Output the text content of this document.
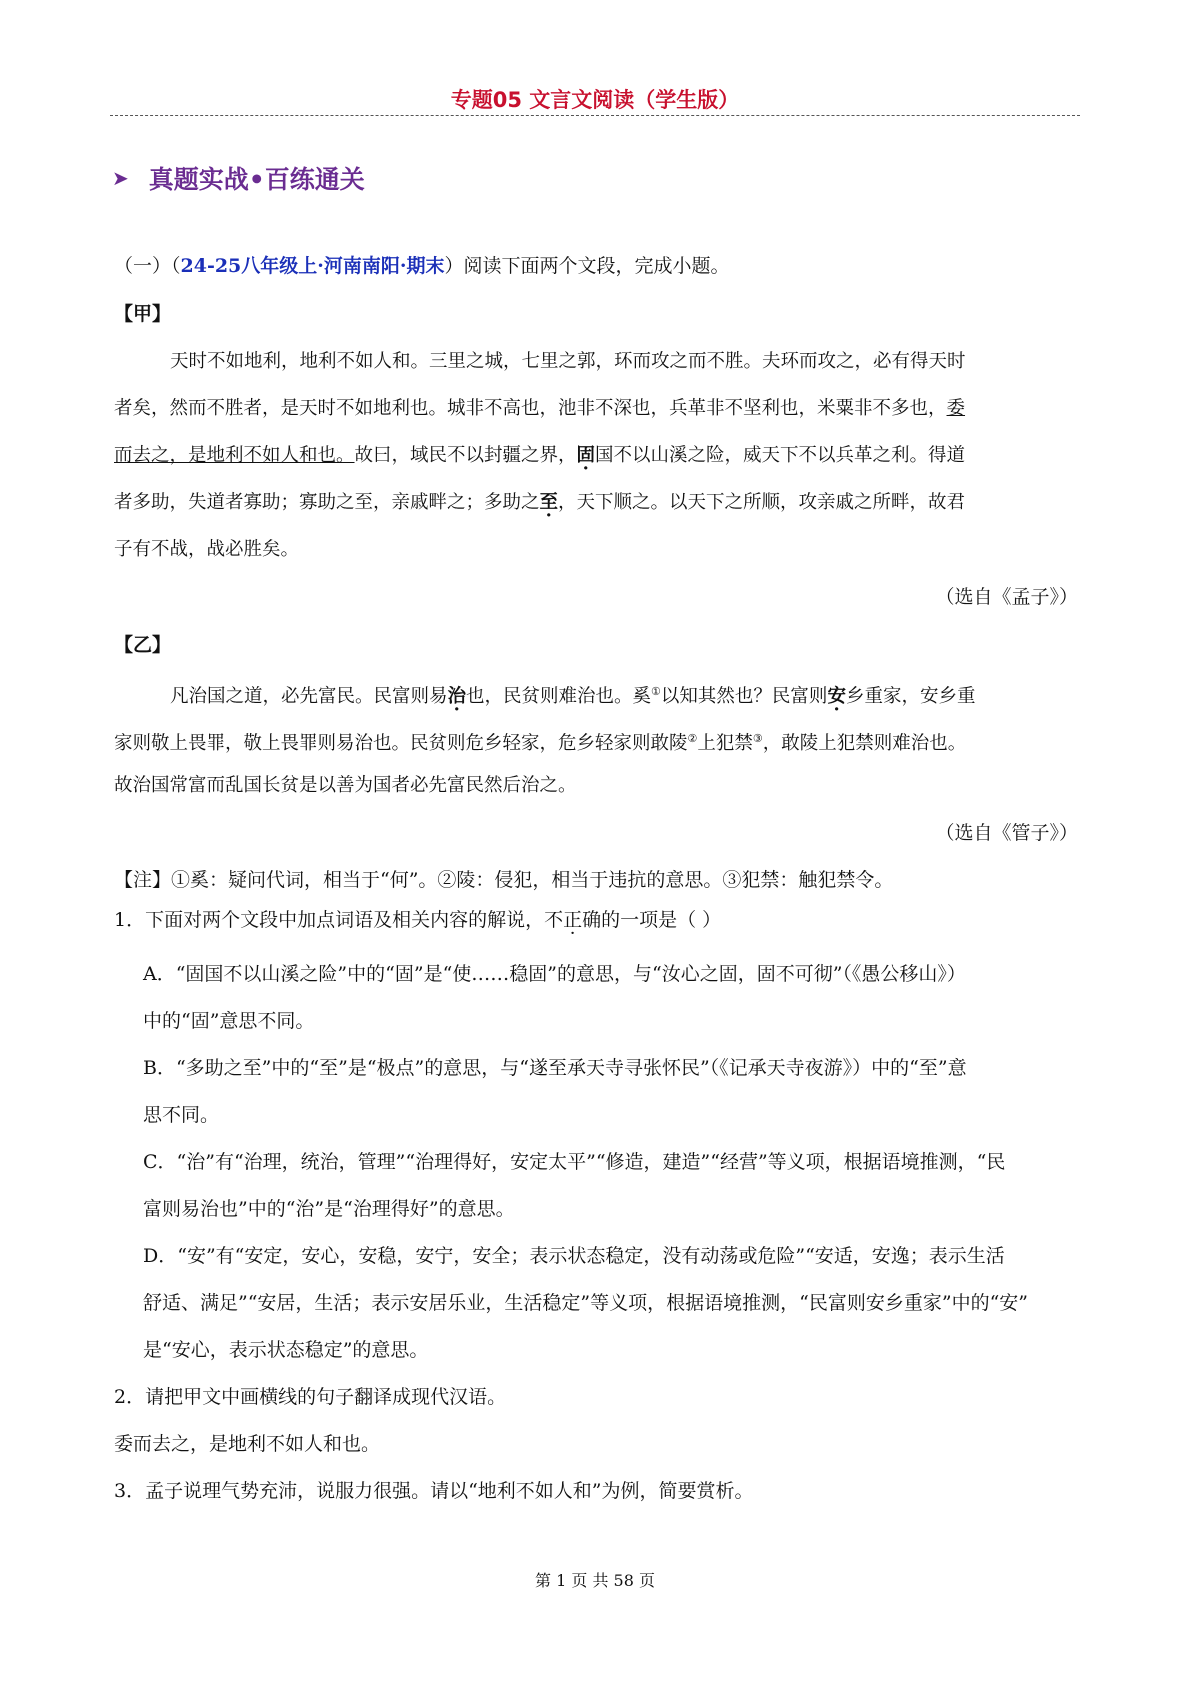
专题05 文言文阅读（学生版）
➤ 真题实战•百练通关
（一）（24-25八年级上·河南南阳·期末）阅读下面两个文段，完成小题。
【甲】
天时不如地利，地利不如人和。三里之城，七里之郭，环而攻之而不胜。夫环而攻之，必有得天时
者矣，然而不胜者，是天时不如地利也。城非不高也，池非不深也，兵革非不坚利也，米粟非不多也，委
而去之，是地利不如人和也。故曰，域民不以封疆之界，固国不以山溪之险，威天下不以兵革之利。得道
者多助，失道者寡助；寡助之至，亲戚畔之；多助之至，天下顺之。以天下之所顺，攻亲戚之所畔，故君
子有不战，战必胜矣。
（选自《孟子》）
【乙】
凡治国之道，必先富民。民富则易治也，民贫则难治也。奚①以知其然也？民富则安乡重家，安乡重
家则敬上畏罪，敬上畏罪则易治也。民贫则危乡轻家，危乡轻家则敢陵②上犯禁③，敢陵上犯禁则难治也。
故治国常富而乱国长贫是以善为国者必先富民然后治之。
（选自《管子》）
【注】①奚：疑问代词，相当于“何”。②陵：侵犯，相当于违抗的意思。③犯禁：触犯禁令。
1．下面对两个文段中加点词语及相关内容的解说，不正确的一项是（ ）
A．“固国不以山溪之险”中的“固”是“使……稳固”的意思，与“汝心之固，固不可彻”（《愚公移山》）
中的“固”意思不同。
B．“多助之至”中的“至”是“极点”的意思，与“遂至承天寺寻张怀民”（《记承天寺夜游》）中的“至”意
思不同。
C．“治”有“治理，统治，管理”“治理得好，安定太平”“修造，建造”“经营”等义项，根据语境推测，“民
富则易治也”中的“治”是“治理得好”的意思。
D．“安”有“安定，安心，安稳，安宁，安全；表示状态稳定，没有动荡或危险”“安适，安逸；表示生活
舒适、满足”“安居，生活；表示安居乐业，生活稳定”等义项，根据语境推测，“民富则安乡重家”中的“安”
是“安心，表示状态稳定”的意思。
2．请把甲文中画横线的句子翻译成现代汉语。
委而去之，是地利不如人和也。
3．孟子说理气势充沛，说服力很强。请以“地利不如人和”为例，简要赏析。
第 1 页 共 58 页
